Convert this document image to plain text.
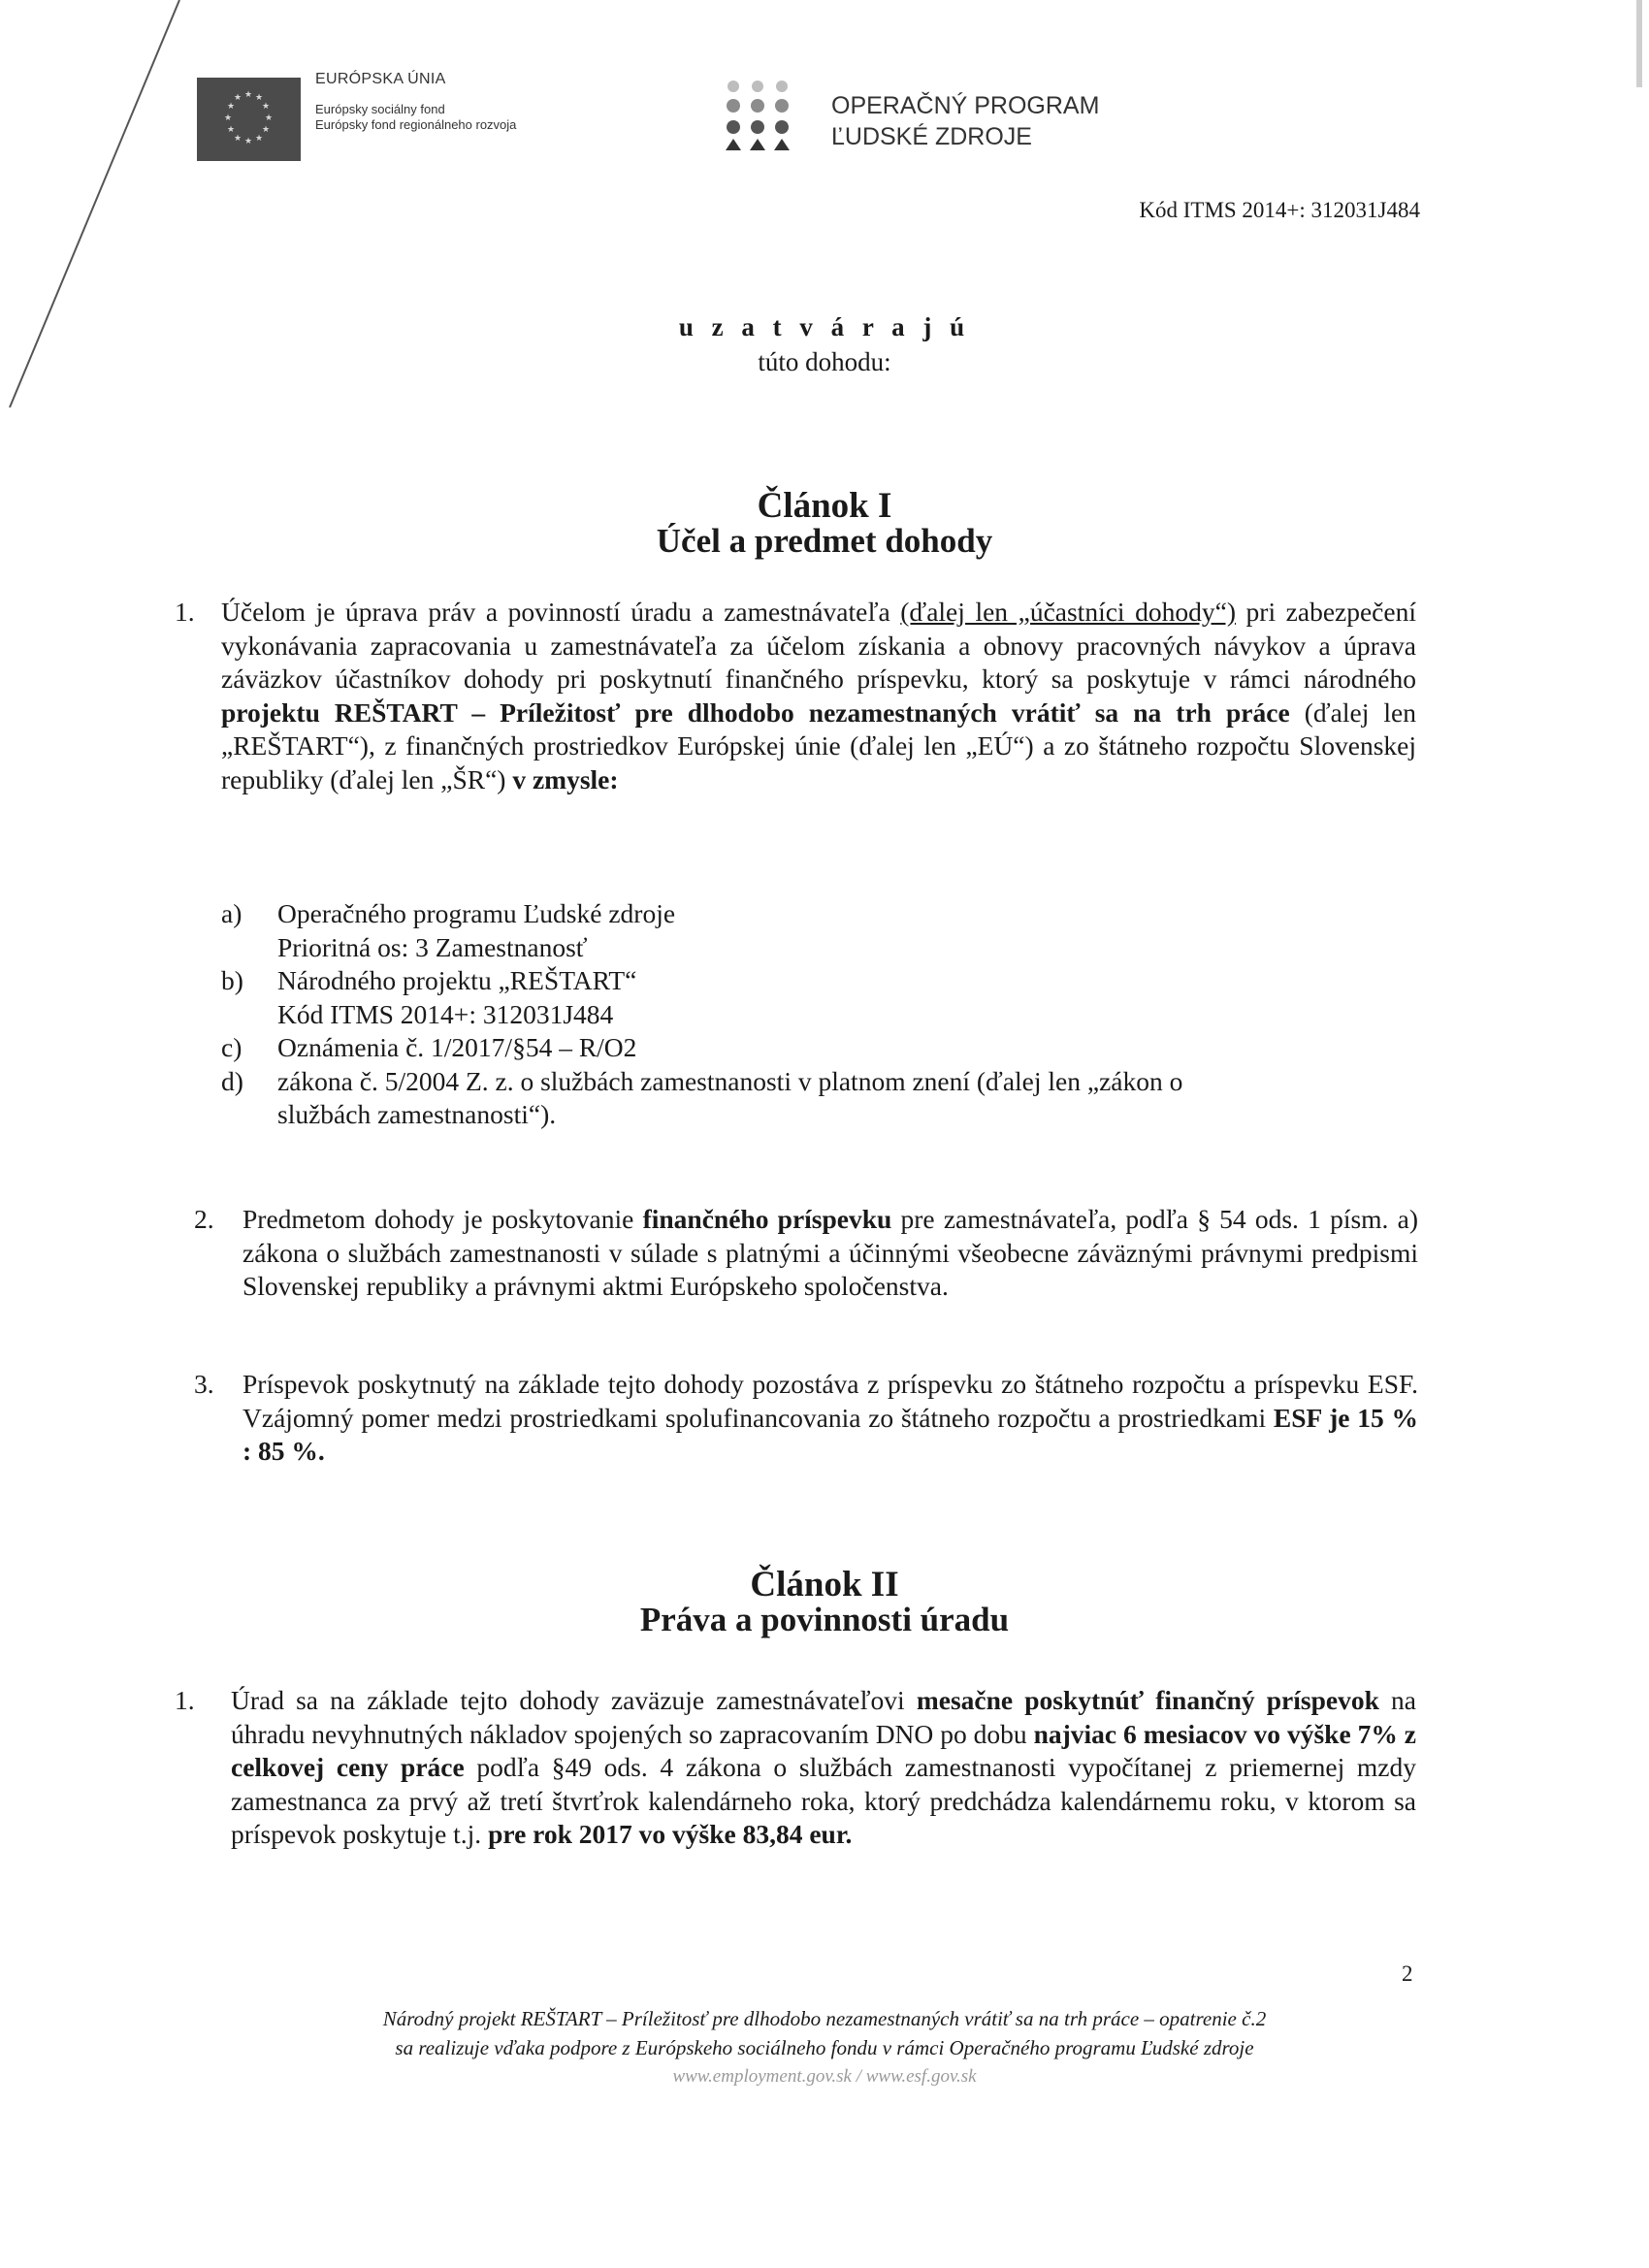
★ ★
★
★
★
★
★
★
★
★
★
★
EURÓPSKA ÚNIA
Európsky sociálny fond
Európsky fond regionálneho rozvoja
OPERAČNÝ PROGRAM
ĽUDSKÉ ZDROJE
Kód ITMS 2014+: 312031J484
u z a t v á r a j ú
túto dohodu:
Článok I
Účel a predmet dohody
1. Účelom je úprava práv a povinností úradu a zamestnávateľa (ďalej len „účastníci dohody“) pri zabezpečení vykonávania zapracovania u zamestnávateľa za účelom získania a obnovy pracovných návykov a úprava záväzkov účastníkov dohody pri poskytnutí finančného príspevku, ktorý sa poskytuje v rámci národného projektu REŠTART – Príležitosť pre dlhodobo nezamestnaných vrátiť sa na trh práce (ďalej len „REŠTART“), z finančných prostriedkov Európskej únie (ďalej len „EÚ“) a zo štátneho rozpočtu Slovenskej republiky (ďalej len „ŠR“) v zmysle:

a) Operačného programu Ľudské zdroje
Prioritná os: 3 Zamestnanosť
b) Národného projektu „REŠTART“
Kód ITMS 2014+: 312031J484
c) Oznámenia č. 1/2017/§54 – R/O2
d) zákona č. 5/2004 Z. z. o službách zamestnanosti v platnom znení (ďalej len „zákon o
službách zamestnanosti“).
2. Predmetom dohody je poskytovanie finančného príspevku pre zamestnávateľa, podľa § 54 ods. 1 písm. a) zákona o službách zamestnanosti v súlade s platnými a účinnými všeobecne záväznými právnymi predpismi Slovenskej republiky a právnymi aktmi Európskeho spoločenstva.

3. Príspevok poskytnutý na základe tejto dohody pozostáva z príspevku zo štátneho rozpočtu a príspevku ESF. Vzájomný pomer medzi prostriedkami spolufinancovania zo štátneho rozpočtu a prostriedkami ESF je 15 % : 85 %.

Článok II
Práva a povinnosti úradu
1. Úrad sa na základe tejto dohody zaväzuje zamestnávateľovi mesačne poskytnúť finančný príspevok na úhradu nevyhnutných nákladov spojených so zapracovaním DNO po dobu najviac 6 mesiacov vo výške 7% z celkovej ceny práce podľa §49 ods. 4 zákona o službách zamestnanosti vypočítanej z priemernej mzdy zamestnanca za prvý až tretí štvrťrok kalendárneho roka, ktorý predchádza kalendárnemu roku, v ktorom sa príspevok poskytuje t.j. pre rok 2017 vo výške 83,84 eur.

2
Národný projekt REŠTART – Príležitosť pre dlhodobo nezamestnaných vrátiť sa na trh práce – opatrenie č.2
sa realizuje vďaka podpore z Európskeho sociálneho fondu v rámci Operačného programu Ľudské zdroje
www.employment.gov.sk / www.esf.gov.sk
